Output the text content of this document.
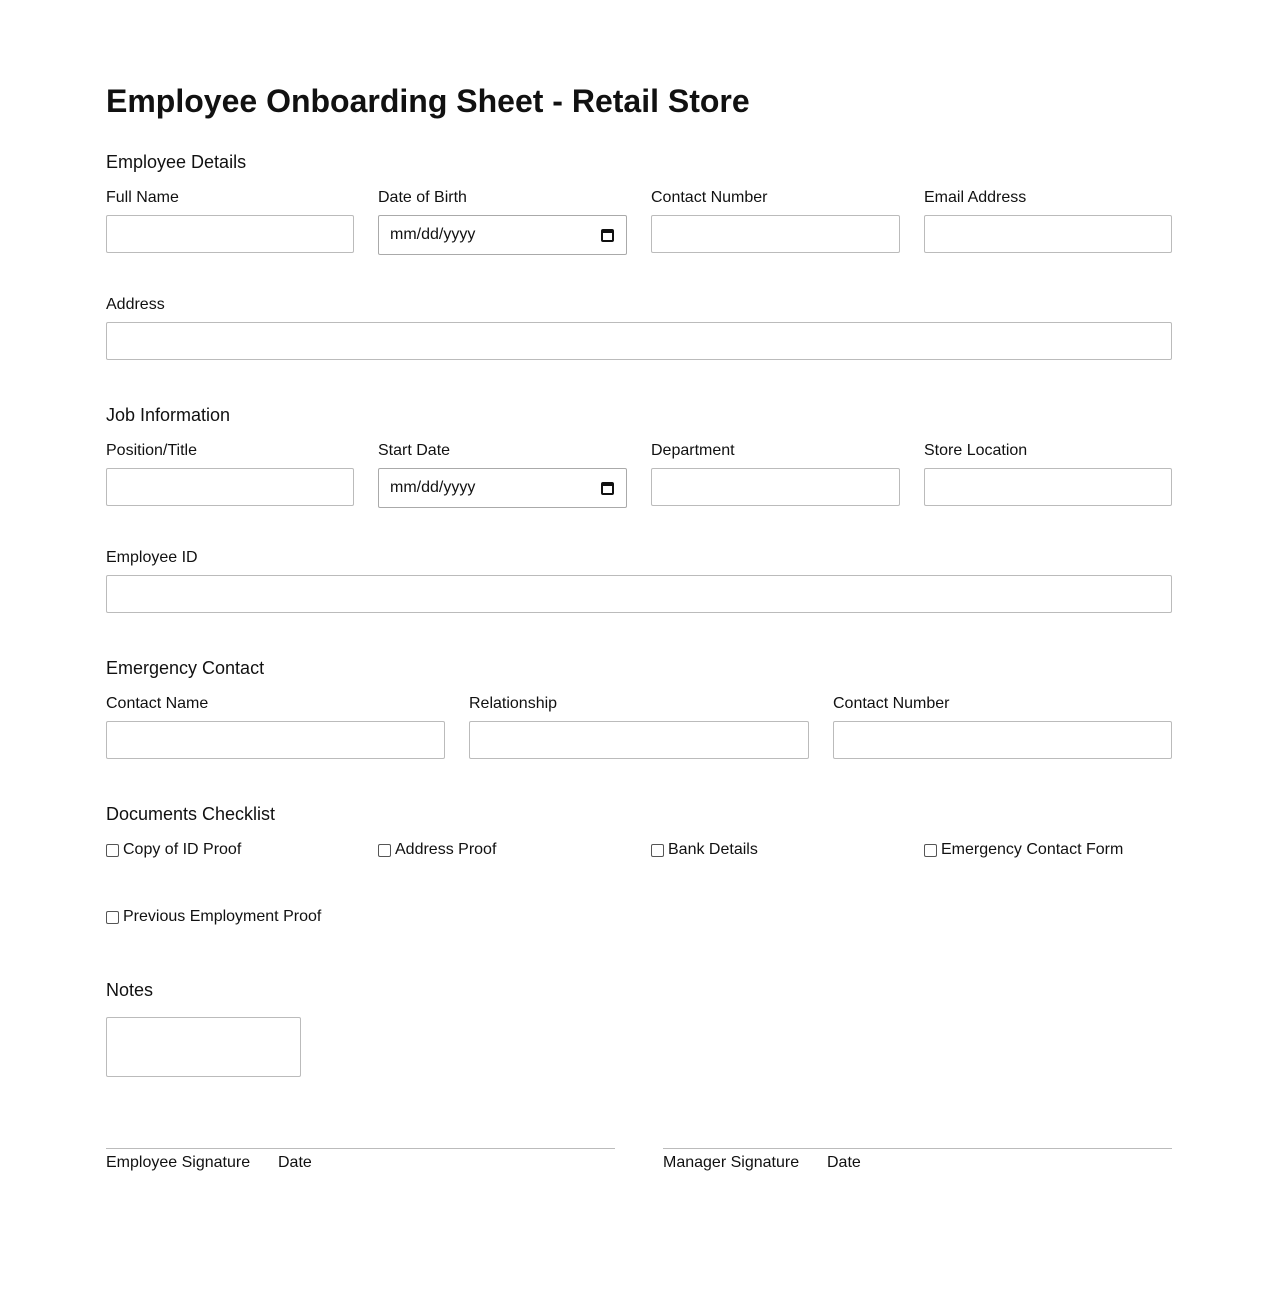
Employee Onboarding Sheet - Retail Store
Employee Details
Full Name	Date of Birth	Contact Number	Email Address
mm/dd/yyyy
Address
Job Information
Position/Title	Start Date	Department	Store Location
mm/dd/yyyy
Employee ID
Emergency Contact
Contact Name	Relationship	Contact Number
Documents Checklist
Copy of ID Proof	Address Proof	Bank Details	Emergency Contact Form
Previous Employment Proof
Notes
Employee Signature Date	Manager Signature Date
